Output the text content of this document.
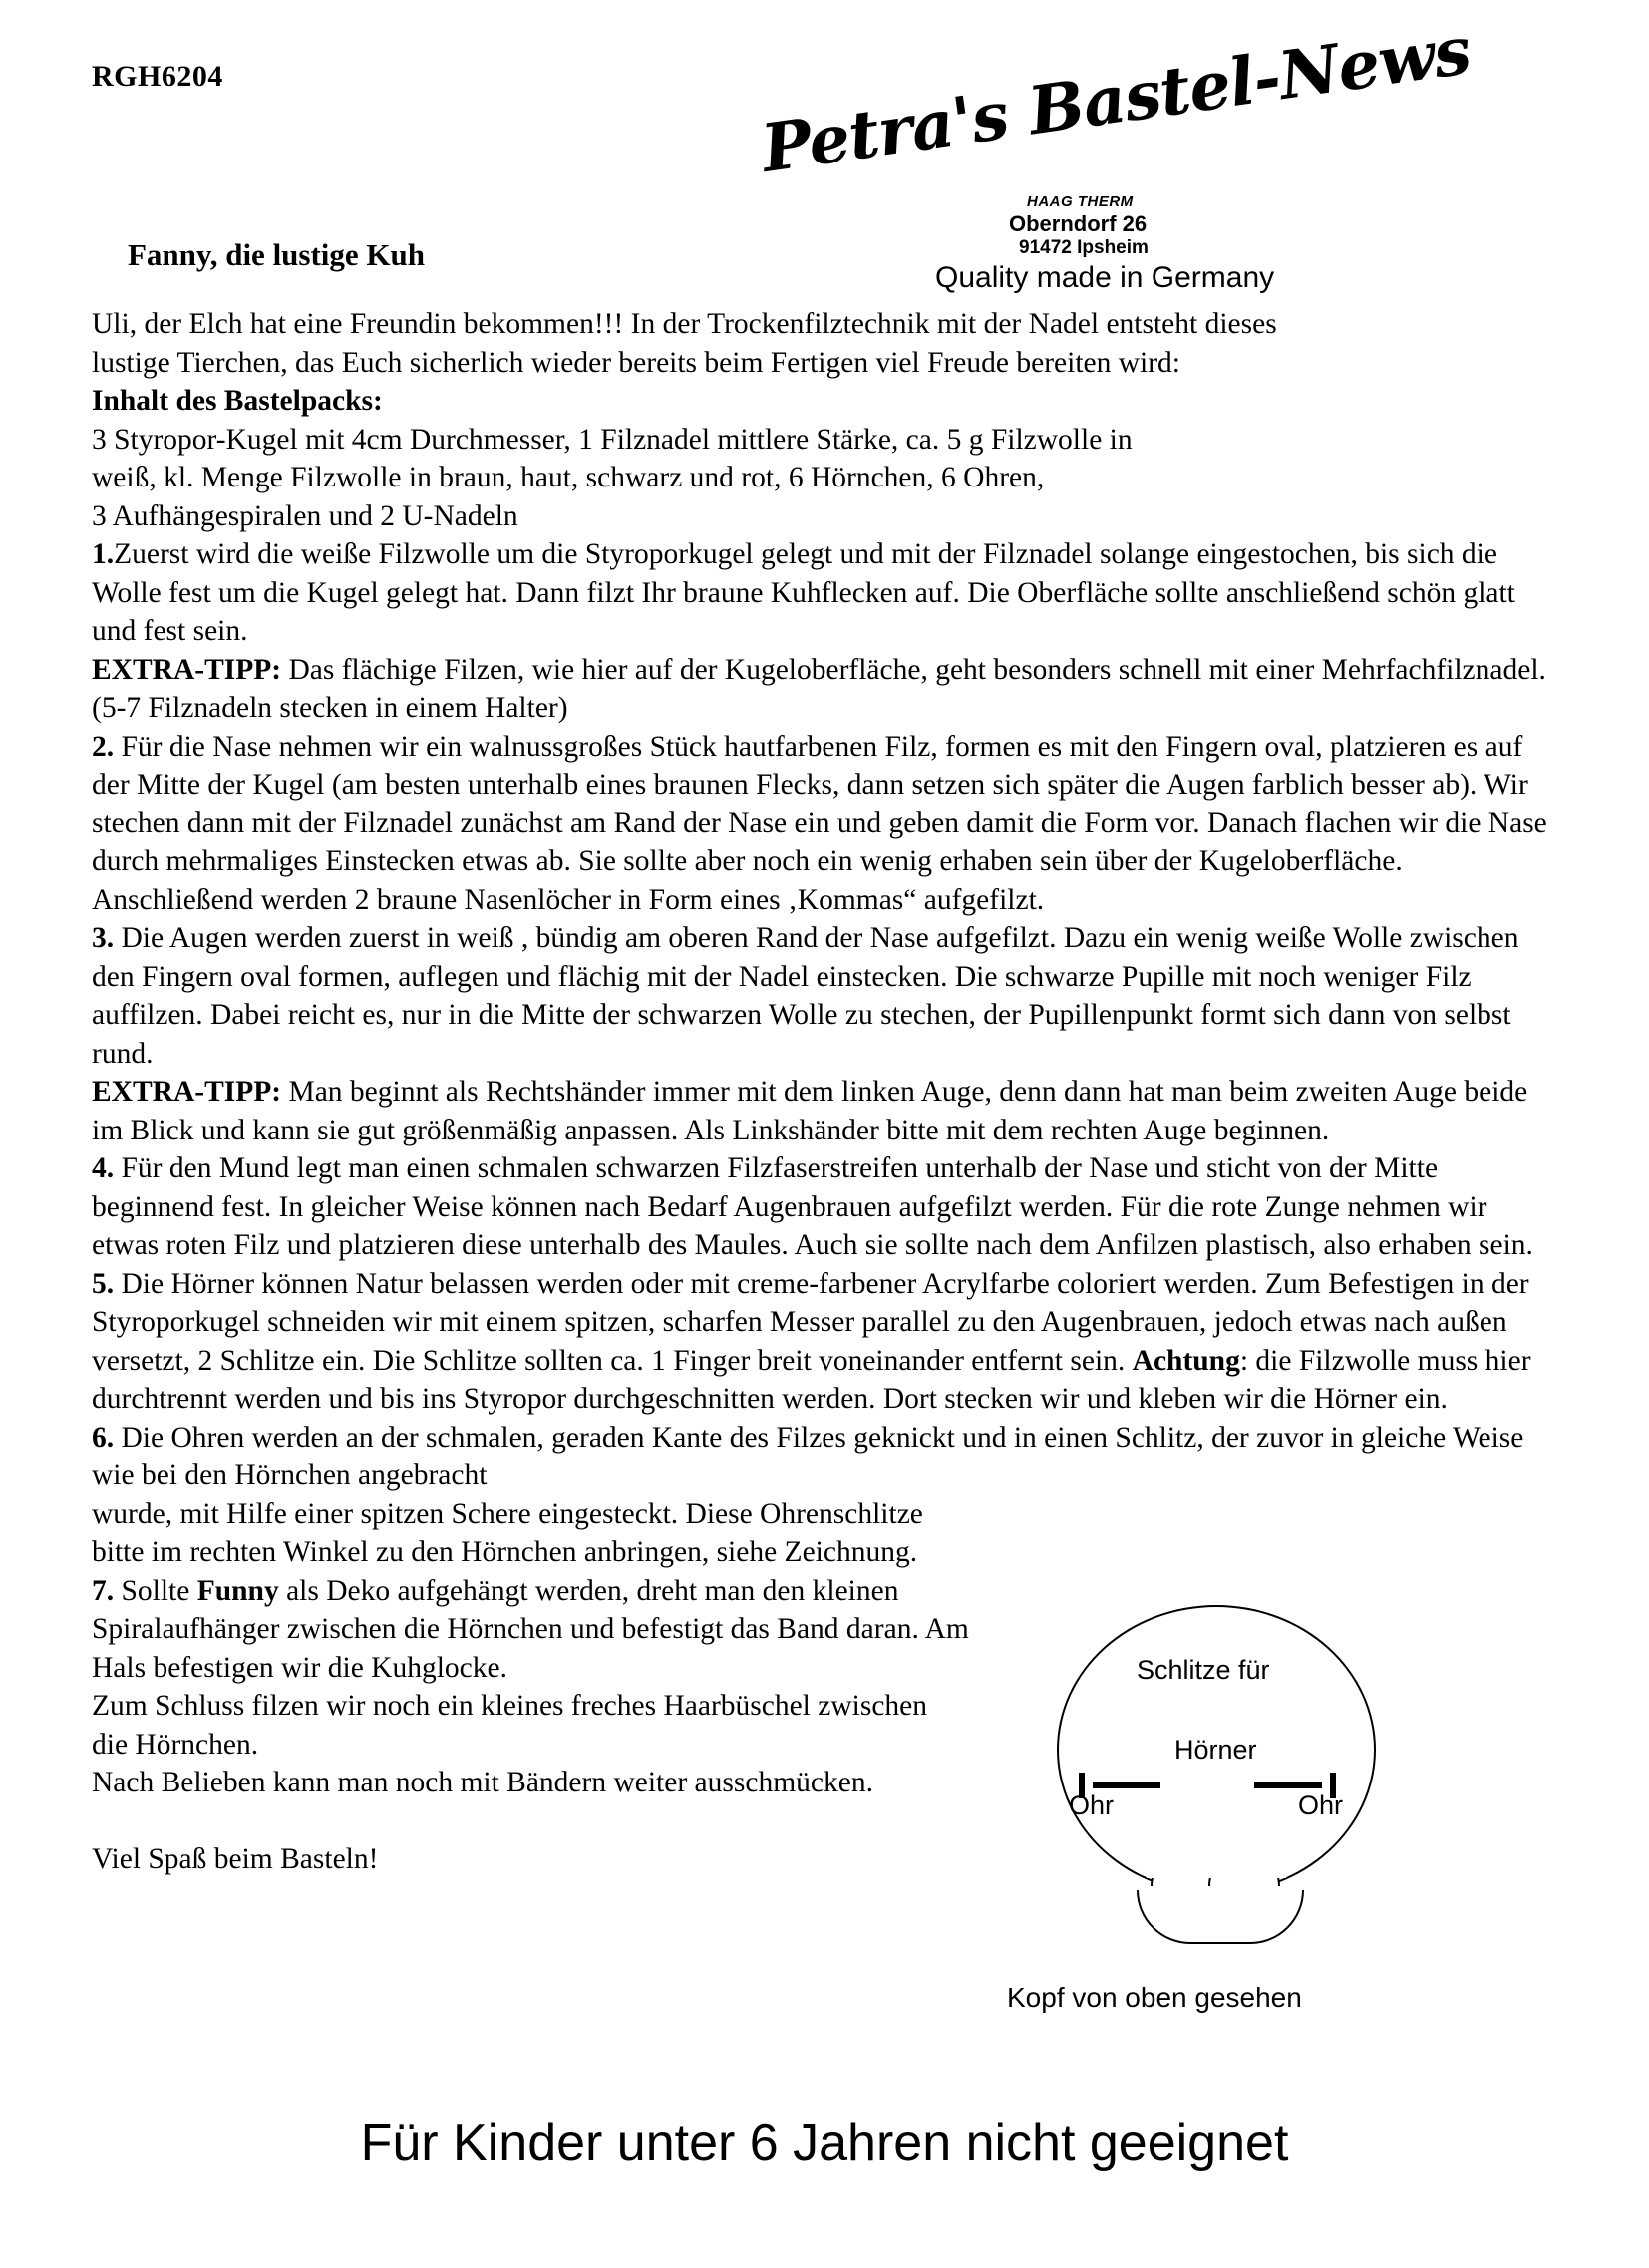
RGH6204	Petra's Bastel-News
HAAG THERM
Oberndorf 26
91472 Ipsheim
Quality made in Germany
Fanny, die lustige Kuh

Uli, der Elch hat eine Freundin bekommen!!! In der Trockenfilztechnik mit der Nadel entsteht dieses

lustige Tierchen, das Euch sicherlich wieder bereits beim Fertigen viel Freude bereiten wird:

Inhalt des Bastelpacks:

3 Styropor-Kugel mit 4cm Durchmesser, 1 Filznadel mittlere Stärke, ca. 5 g Filzwolle in

weiß, kl. Menge Filzwolle in braun, haut, schwarz und rot, 6 Hörnchen, 6 Ohren,

3 Aufhängespiralen und 2 U-Nadeln

1.Zuerst wird die weiße Filzwolle um die Styroporkugel gelegt und mit der Filznadel solange eingestochen, bis sich die Wolle fest um die Kugel gelegt hat. Dann filzt Ihr braune Kuhflecken auf. Die Oberfläche sollte anschließend schön glatt und fest sein.

EXTRA-TIPP: Das flächige Filzen, wie hier auf der Kugeloberfläche, geht besonders schnell mit einer Mehrfachfilznadel. (5-7 Filznadeln stecken in einem Halter)

2. Für die Nase nehmen wir ein walnussgroßes Stück hautfarbenen Filz, formen es mit den Fingern oval, platzieren es auf der Mitte der Kugel (am besten unterhalb eines braunen Flecks, dann setzen sich später die Augen farblich besser ab). Wir stechen dann mit der Filznadel zunächst am Rand der Nase ein und geben damit die Form vor. Danach flachen wir die Nase durch mehrmaliges Einstecken etwas ab. Sie sollte aber noch ein wenig erhaben sein über der Kugeloberfläche.

Anschließend werden 2 braune Nasenlöcher in Form eines ‚Kommas“ aufgefilzt.

3. Die Augen werden zuerst in weiß , bündig am oberen Rand der Nase aufgefilzt. Dazu ein wenig weiße Wolle zwischen den Fingern oval formen, auflegen und flächig mit der Nadel einstecken. Die schwarze Pupille mit noch weniger Filz auffilzen. Dabei reicht es, nur in die Mitte der schwarzen Wolle zu stechen, der Pupillenpunkt formt sich dann von selbst rund.

EXTRA-TIPP: Man beginnt als Rechtshänder immer mit dem linken Auge, denn dann hat man beim zweiten Auge beide im Blick und kann sie gut größenmäßig anpassen. Als Linkshänder bitte mit dem rechten Auge beginnen.

4. Für den Mund legt man einen schmalen schwarzen Filzfaserstreifen unterhalb der Nase und sticht von der Mitte beginnend fest. In gleicher Weise können nach Bedarf Augenbrauen aufgefilzt werden. Für die rote Zunge nehmen wir etwas roten Filz und platzieren diese unterhalb des Maules. Auch sie sollte nach dem Anfilzen plastisch, also erhaben sein.

5. Die Hörner können Natur belassen werden oder mit creme-farbener Acrylfarbe coloriert werden. Zum Befestigen in der Styroporkugel schneiden wir mit einem spitzen, scharfen Messer parallel zu den Augenbrauen, jedoch etwas nach außen versetzt, 2 Schlitze ein. Die Schlitze sollten ca. 1 Finger breit voneinander entfernt sein. Achtung: die Filzwolle muss hier durchtrennt werden und bis ins Styropor durchgeschnitten werden. Dort stecken wir und kleben wir die Hörner ein.

6. Die Ohren werden an der schmalen, geraden Kante des Filzes geknickt und in einen Schlitz, der zuvor in gleiche Weise wie bei den Hörnchen angebracht

wurde, mit Hilfe einer spitzen Schere eingesteckt. Diese Ohrenschlitze bitte im rechten Winkel zu den Hörnchen anbringen, siehe Zeichnung.

7. Sollte Funny als Deko aufgehängt werden, dreht man den kleinen Spiralaufhänger zwischen die Hörnchen und befestigt das Band daran. Am Hals befestigen wir die Kuhglocke.

Zum Schluss filzen wir noch ein kleines freches Haarbüschel zwischen die Hörnchen.

Nach Belieben kann man noch mit Bändern weiter ausschmücken.

Viel Spaß beim Basteln!

Schlitze für
Hörner
Ohr	Ohr
Kopf von oben gesehen
Für Kinder unter 6 Jahren nicht geeignet
